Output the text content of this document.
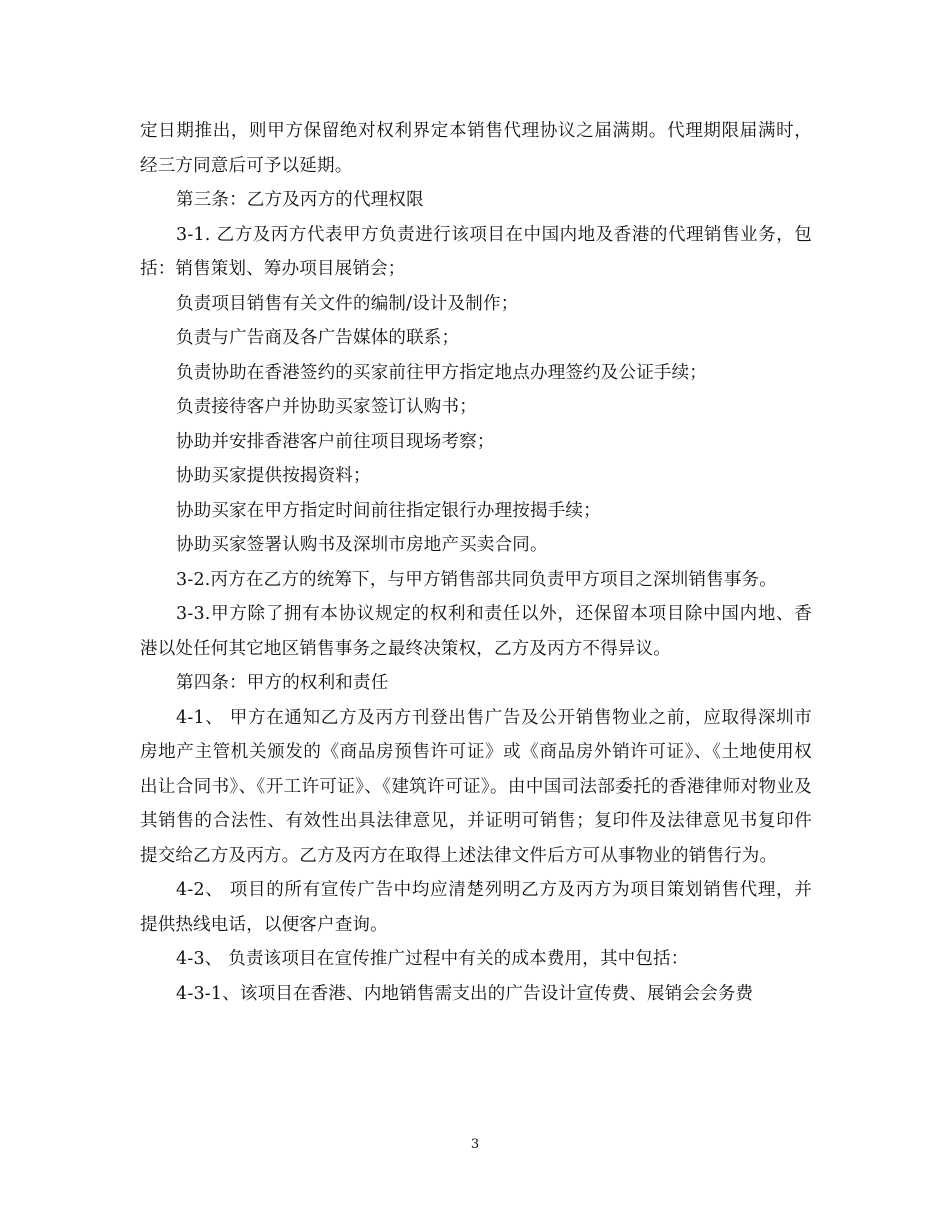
定日期推出，则甲方保留绝对权利界定本销售代理协议之届满期。代理期限届满时，经三方同意后可予以延期。

第三条：乙方及丙方的代理权限

3-1. 乙方及丙方代表甲方负责进行该项目在中国内地及香港的代理销售业务，包括：销售策划、筹办项目展销会；

负责项目销售有关文件的编制/设计及制作；

负责与广告商及各广告媒体的联系；

负责协助在香港签约的买家前往甲方指定地点办理签约及公证手续；

负责接待客户并协助买家签订认购书；

协助并安排香港客户前往项目现场考察；

协助买家提供按揭资料；

协助买家在甲方指定时间前往指定银行办理按揭手续；

协助买家签署认购书及深圳市房地产买卖合同。

3-2.丙方在乙方的统筹下，与甲方销售部共同负责甲方项目之深圳销售事务。

3-3.甲方除了拥有本协议规定的权利和责任以外，还保留本项目除中国内地、香港以处任何其它地区销售事务之最终决策权，乙方及丙方不得异议。

第四条：甲方的权利和责任

4-1、 甲方在通知乙方及丙方刊登出售广告及公开销售物业之前，应取得深圳市房地产主管机关颁发的《商品房预售许可证》或《商品房外销许可证》、《土地使用权出让合同书》、《开工许可证》、《建筑许可证》。由中国司法部委托的香港律师对物业及其销售的合法性、有效性出具法律意见，并证明可销售；复印件及法律意见书复印件提交给乙方及丙方。乙方及丙方在取得上述法律文件后方可从事物业的销售行为。

4-2、 项目的所有宣传广告中均应清楚列明乙方及丙方为项目策划销售代理，并提供热线电话，以便客户查询。

4-3、 负责该项目在宣传推广过程中有关的成本费用，其中包括：

4-3-1、该项目在香港、内地销售需支出的广告设计宣传费、展销会会务费

3
